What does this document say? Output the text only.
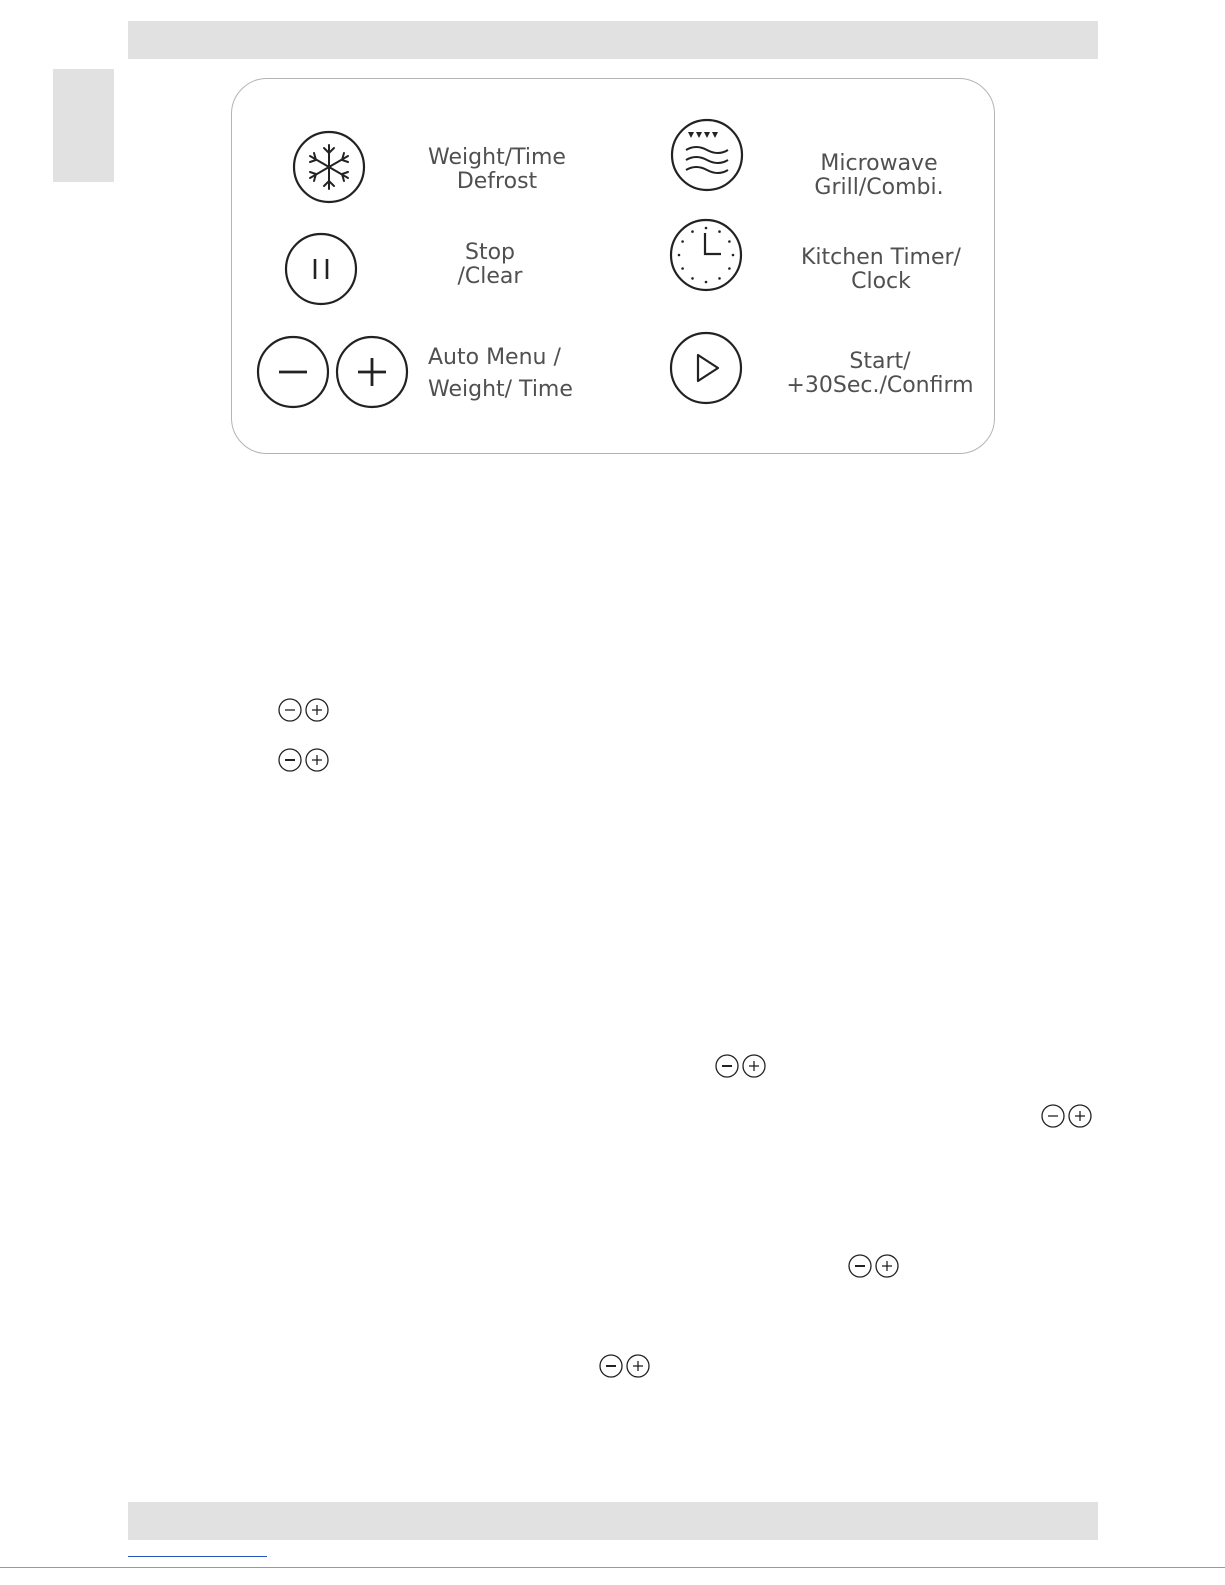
Weight/Time
Defrost
Stop
/Clear
Auto Menu /
Weight/ Time
Microwave
Grill/Combi.
Kitchen Timer/
Clock
Start/
+30Sec./Confirm
